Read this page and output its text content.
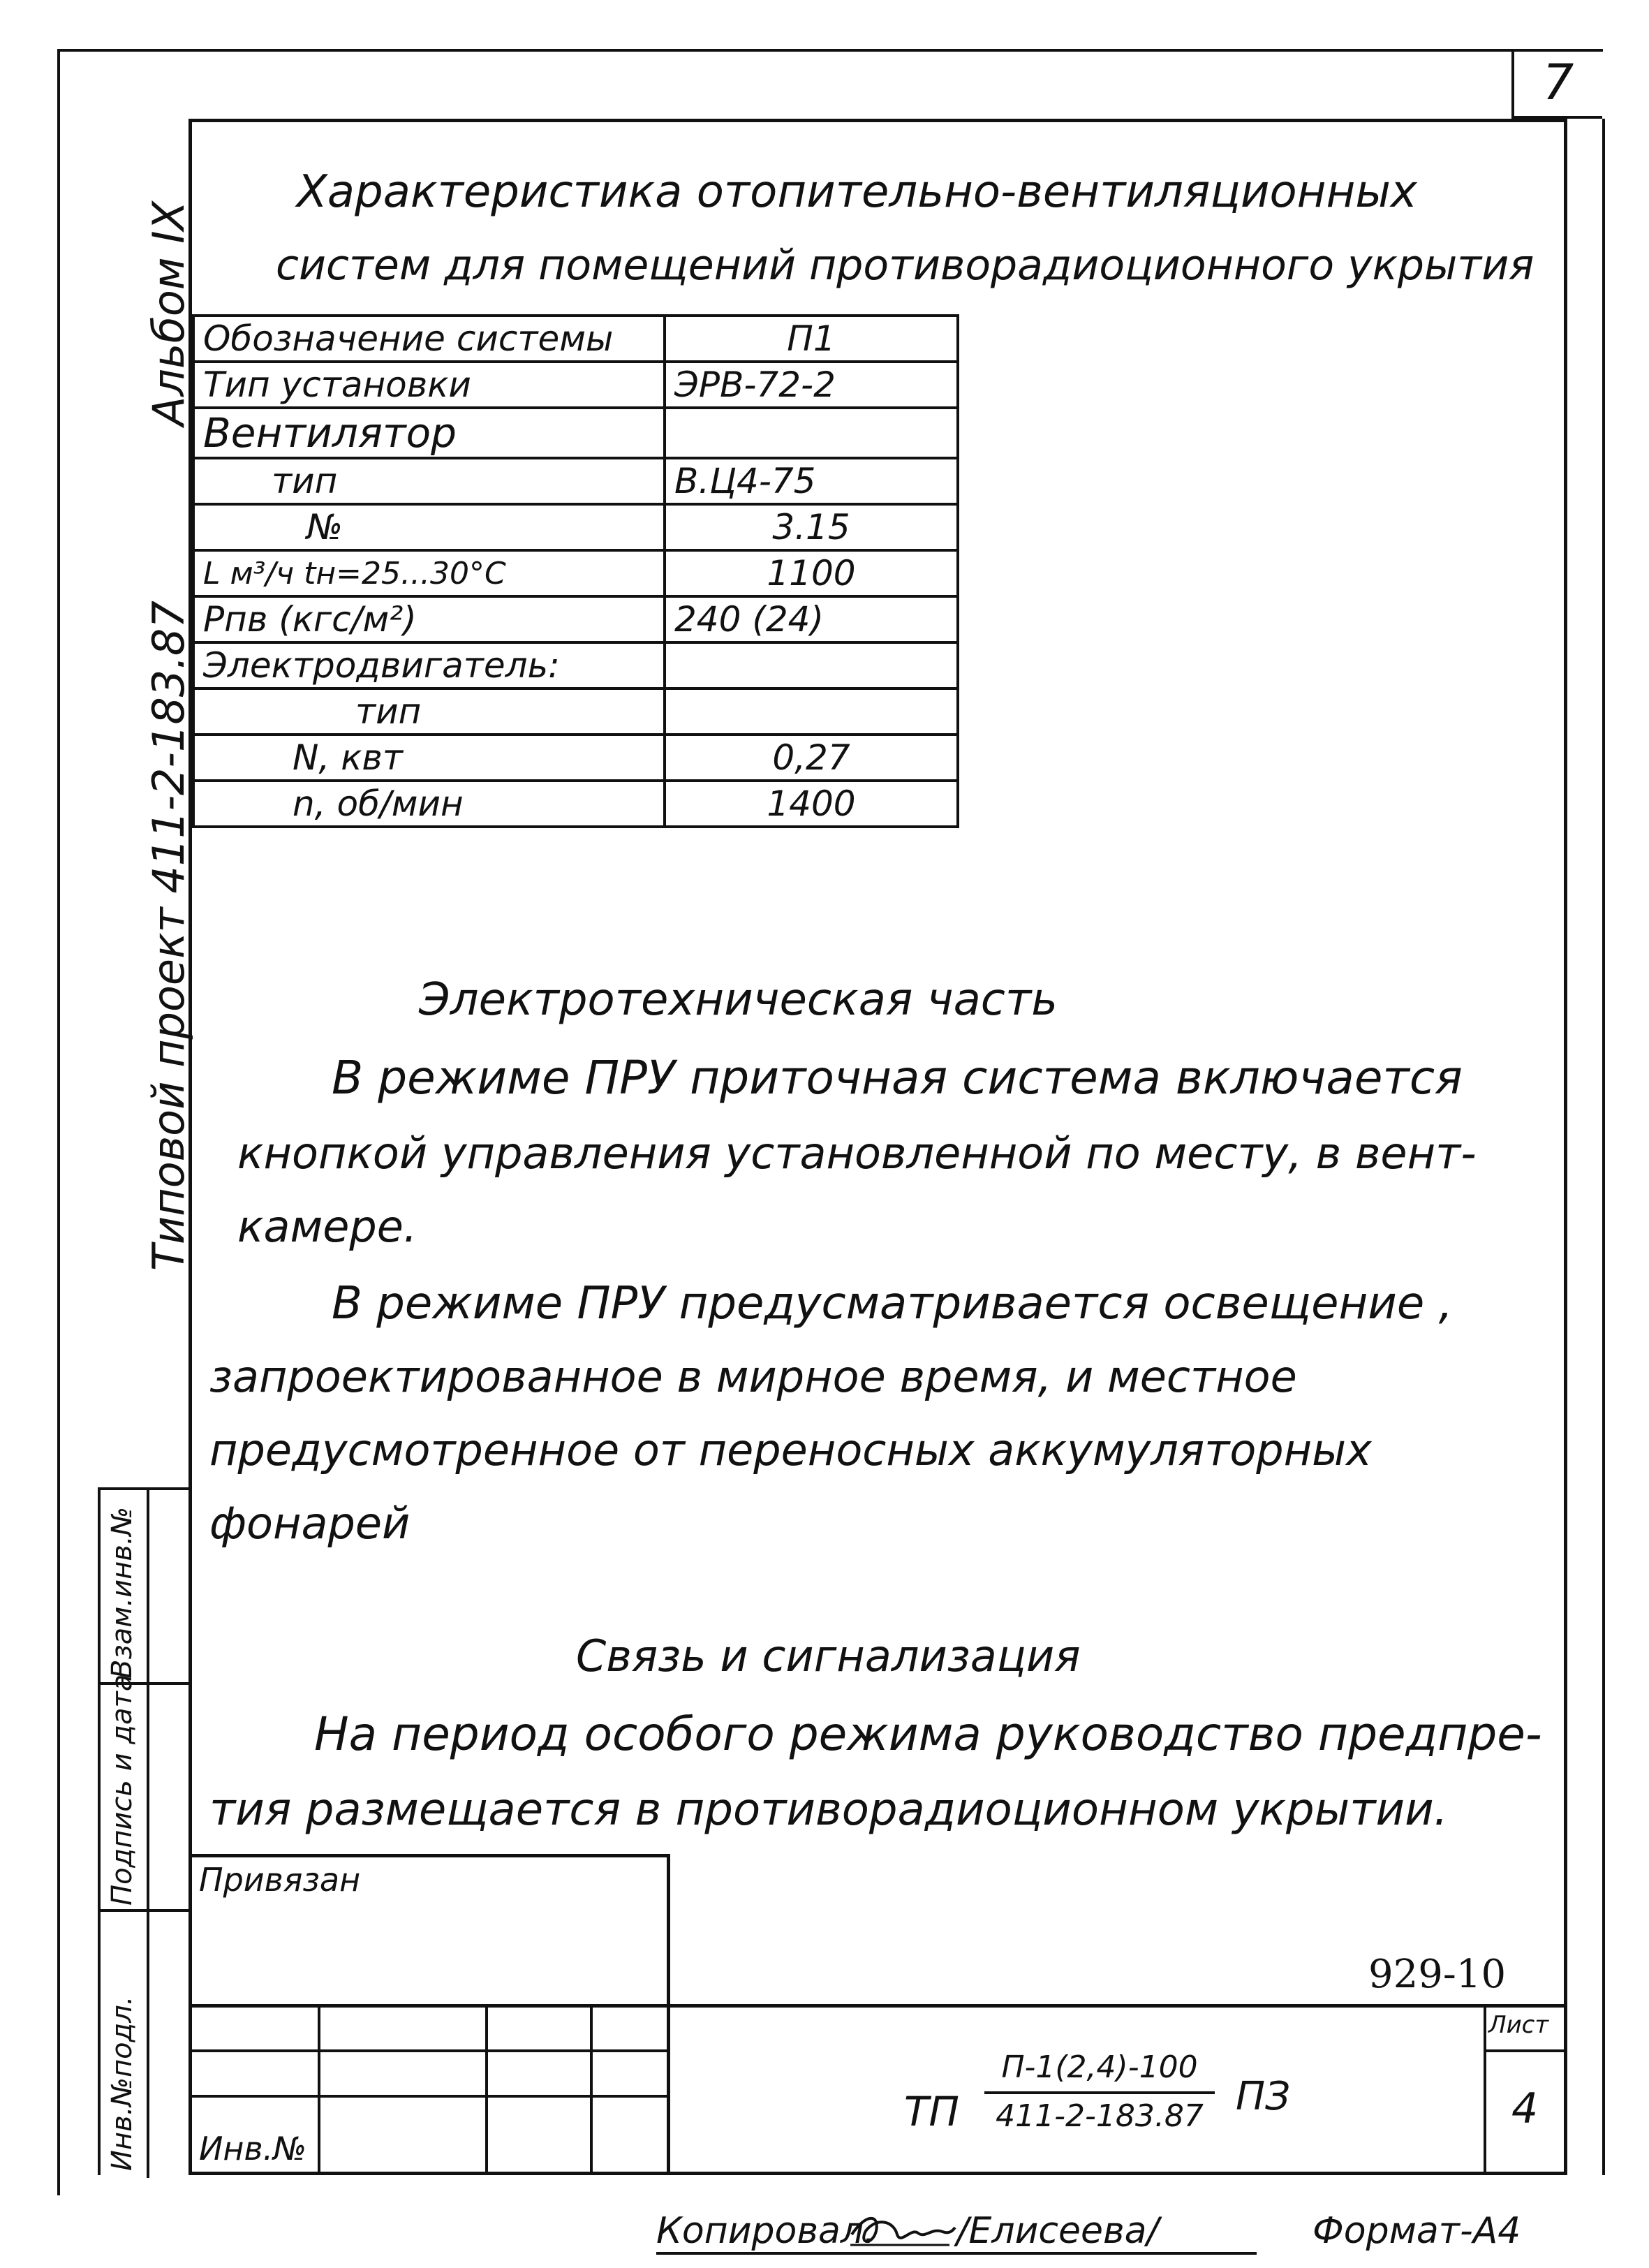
7
Альбом IX
Типовой проект 411-2-183.87
Взам.инв.№
Подпись и дата
Инв.№подл.
Характеристика отопительно-вентиляционных
систем для помещений противорадиоционного укрытия
Обозначение системы	П1
Тип установки	ЭРВ-72-2
Вентилятор	
тип	В.Ц4-75
№	3.15
L м³/ч tн=25...30°С	1100
Рпв (кгс/м²)	240 (24)
Электродвигатель:	
тип	
N, квт	0,27
n, об/мин	1400
Электротехническая часть
В режиме ПРУ приточная система включается
кнопкой управления установленной по месту, в вент-
камере.
В режиме ПРУ предусматривается освещение ,
запроектированное в мирное время, и местное
предусмотренное от переносных аккумуляторных
фонарей
Связь и сигнализация
На период особого режима руководство предпре-
тия размещается в противорадиоционном укрытии.
Привязан
Инв.№
929-10
ТП
П-1(2,4)-100
411-2-183.87 ПЗ
Лист
4
Копировал. /Елисеева/	Формат-А4
